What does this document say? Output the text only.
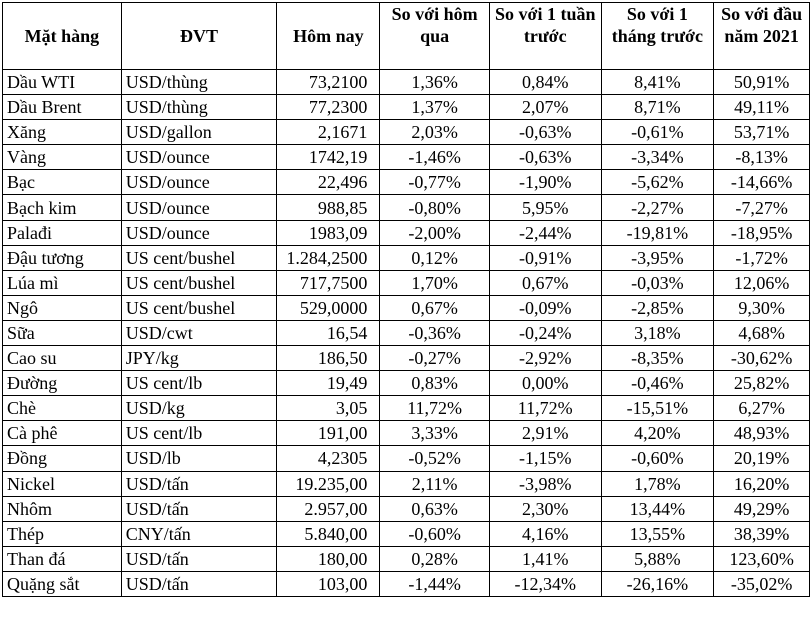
Mặt hàng	ĐVT	Hôm nay	So với hôm qua	So với 1 tuần trước	So với 1 tháng trước	So với đầu năm 2021
Dầu WTI	USD/thùng	73,2100	1,36%	0,84%	8,41%	50,91%
Dầu Brent	USD/thùng	77,2300	1,37%	2,07%	8,71%	49,11%
Xăng	USD/gallon	2,1671	2,03%	-0,63%	-0,61%	53,71%
Vàng	USD/ounce	1742,19	-1,46%	-0,63%	-3,34%	-8,13%
Bạc	USD/ounce	22,496	-0,77%	-1,90%	-5,62%	-14,66%
Bạch kim	USD/ounce	988,85	-0,80%	5,95%	-2,27%	-7,27%
Palađi	USD/ounce	1983,09	-2,00%	-2,44%	-19,81%	-18,95%
Đậu tương	US cent/bushel	1.284,2500	0,12%	-0,91%	-3,95%	-1,72%
Lúa mì	US cent/bushel	717,7500	1,70%	0,67%	-0,03%	12,06%
Ngô	US cent/bushel	529,0000	0,67%	-0,09%	-2,85%	9,30%
Sữa	USD/cwt	16,54	-0,36%	-0,24%	3,18%	4,68%
Cao su	JPY/kg	186,50	-0,27%	-2,92%	-8,35%	-30,62%
Đường	US cent/lb	19,49	0,83%	0,00%	-0,46%	25,82%
Chè	USD/kg	3,05	11,72%	11,72%	-15,51%	6,27%
Cà phê	US cent/lb	191,00	3,33%	2,91%	4,20%	48,93%
Đồng	USD/lb	4,2305	-0,52%	-1,15%	-0,60%	20,19%
Nickel	USD/tấn	19.235,00	2,11%	-3,98%	1,78%	16,20%
Nhôm	USD/tấn	2.957,00	0,63%	2,30%	13,44%	49,29%
Thép	CNY/tấn	5.840,00	-0,60%	4,16%	13,55%	38,39%
Than đá	USD/tấn	180,00	0,28%	1,41%	5,88%	123,60%
Quặng sắt	USD/tấn	103,00	-1,44%	-12,34%	-26,16%	-35,02%
